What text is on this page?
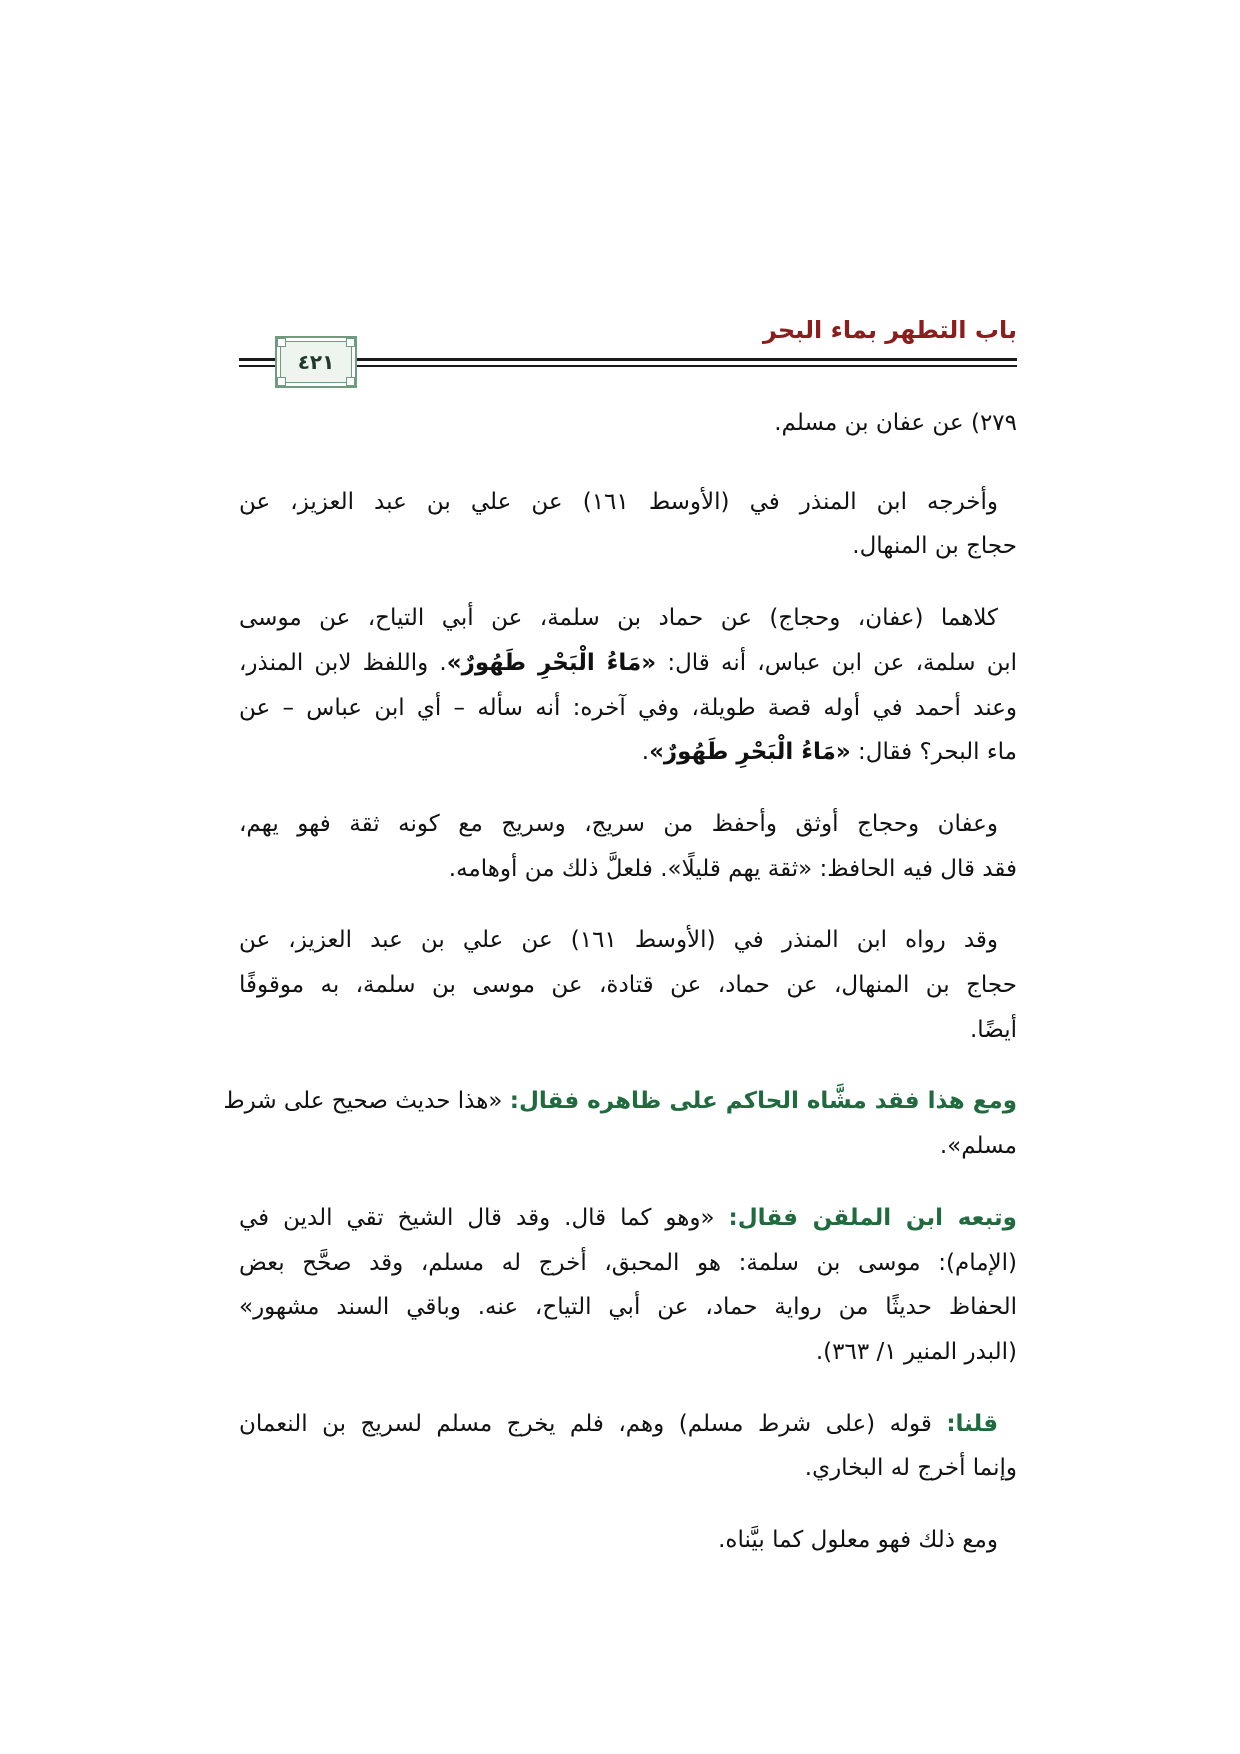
باب التطهر بماء البحر
٤٢١
٢٧٩) عن عفان بن مسلم.
وأخرجه ابن المنذر في (الأوسط ١٦١) عن علي بن عبد العزيز، عن
حجاج بن المنهال.
كلاهما (عفان، وحجاج) عن حماد بن سلمة، عن أبي التياح، عن موسى
ابن سلمة، عن ابن عباس، أنه قال: «مَاءُ الْبَحْرِ طَهُورٌ». واللفظ لابن المنذر،
وعند أحمد في أوله قصة طويلة، وفي آخره: أنه سأله – أي ابن عباس – عن
ماء البحر؟ فقال: «مَاءُ الْبَحْرِ طَهُورٌ».
وعفان وحجاج أوثق وأحفظ من سريج، وسريج مع كونه ثقة فهو يهم،
فقد قال فيه الحافظ: «ثقة يهم قليلًا». فلعلَّ ذلك من أوهامه.
وقد رواه ابن المنذر في (الأوسط ١٦١) عن علي بن عبد العزيز، عن
حجاج بن المنهال، عن حماد، عن قتادة، عن موسى بن سلمة، به موقوفًا
أيضًا.
ومع هذا فقد مشَّاه الحاكم على ظاهره فقال: «هذا حديث صحيح على شرط
مسلم».
وتبعه ابن الملقن فقال: «وهو كما قال. وقد قال الشيخ تقي الدين في
(الإمام): موسى بن سلمة: هو المحبق، أخرج له مسلم، وقد صحَّح بعض
الحفاظ حديثًا من رواية حماد، عن أبي التياح، عنه. وباقي السند مشهور»
(البدر المنير ١/ ٣٦٣).
قلنا: قوله (على شرط مسلم) وهم، فلم يخرج مسلم لسريج بن النعمان
وإنما أخرج له البخاري.
ومع ذلك فهو معلول كما بيَّناه.
